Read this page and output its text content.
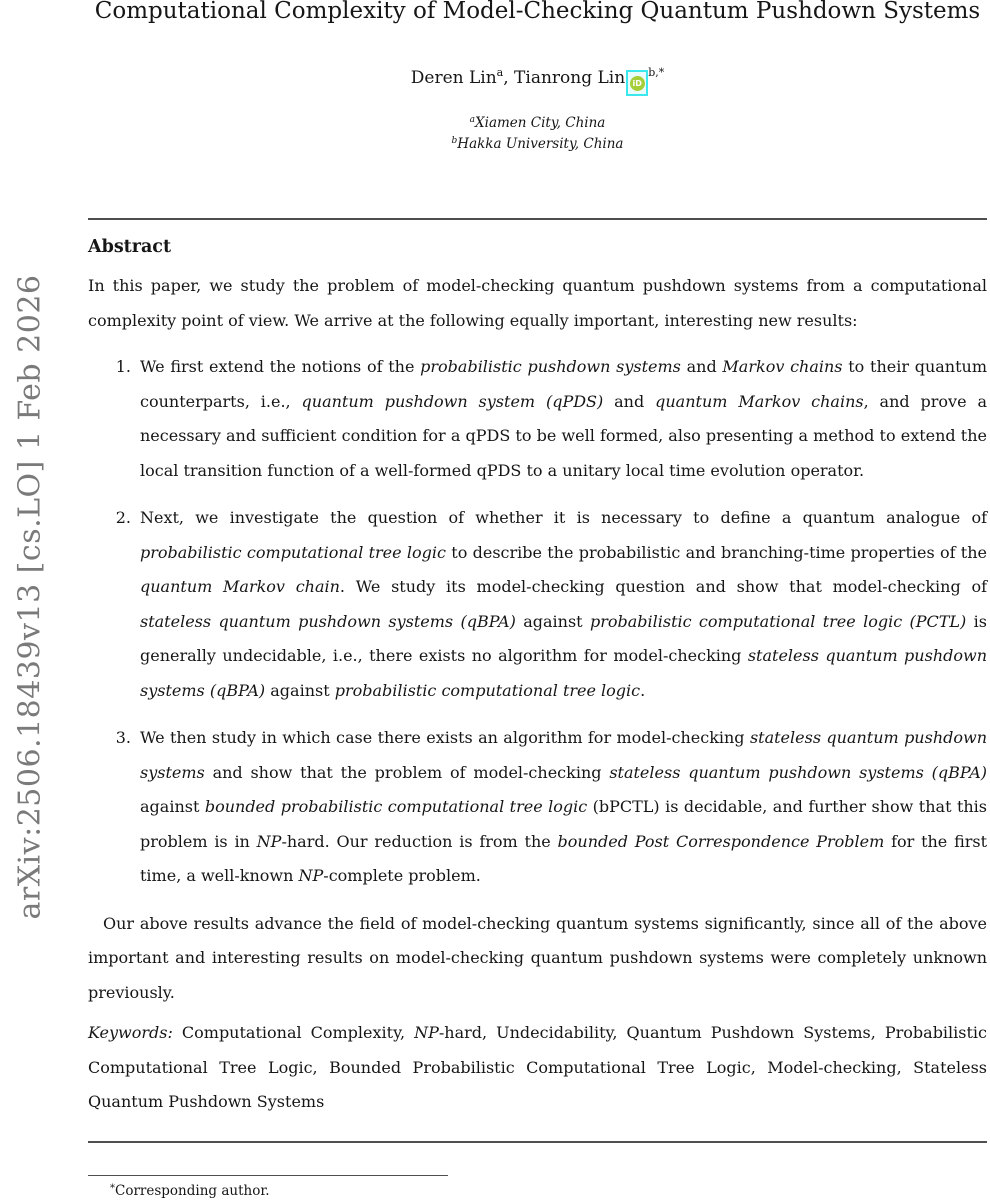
arXiv:2506.18439v13 [cs.LO] 1 Feb 2026
Computational Complexity of Model-Checking Quantum Pushdown Systems
Deren Lin$^a$, Tianrong Lin $iD^{b,*}$
$^a$Xiamen City, China
$^b$Hakka University, China
Abstract
In this paper, we study the problem of model-checking quantum pushdown systems from a computational complexity point of view. We arrive at the following equally important, interesting new results:
1. We first extend the notions of the probabilistic pushdown systems and Markov chains to their quantum counterparts, i.e., quantum pushdown system (qPDS) and quantum Markov chains, and prove a necessary and sufficient condition for a qPDS to be well formed, also presenting a method to extend the local transition function of a well-formed qPDS to a unitary local time evolution operator.
2. Next, we investigate the question of whether it is necessary to define a quantum analogue of probabilistic computational tree logic to describe the probabilistic and branching-time properties of the quantum Markov chain. We study its model-checking question and show that model-checking of stateless quantum pushdown systems (qBPA) against probabilistic computational tree logic (PCTL) is generally undecidable, i.e., there exists no algorithm for model-checking stateless quantum pushdown systems (qBPA) against probabilistic computational tree logic.
3. We then study in which case there exists an algorithm for model-checking stateless quantum pushdown systems and show that the problem of model-checking stateless quantum pushdown systems (qBPA) against bounded probabilistic computational tree logic (bPCTL) is decidable, and further show that this problem is in NP-hard. Our reduction is from the bounded Post Correspondence Problem for the first time, a well-known NP-complete problem.
Our above results advance the field of model-checking quantum systems significantly, since all of the above important and interesting results on model-checking quantum pushdown systems were completely unknown previously.
Keywords: Computational Complexity, NP-hard, Undecidability, Quantum Pushdown Systems, Probabilistic Computational Tree Logic, Bounded Probabilistic Computational Tree Logic, Model-checking, Stateless Quantum Pushdown Systems
*Corresponding author.
